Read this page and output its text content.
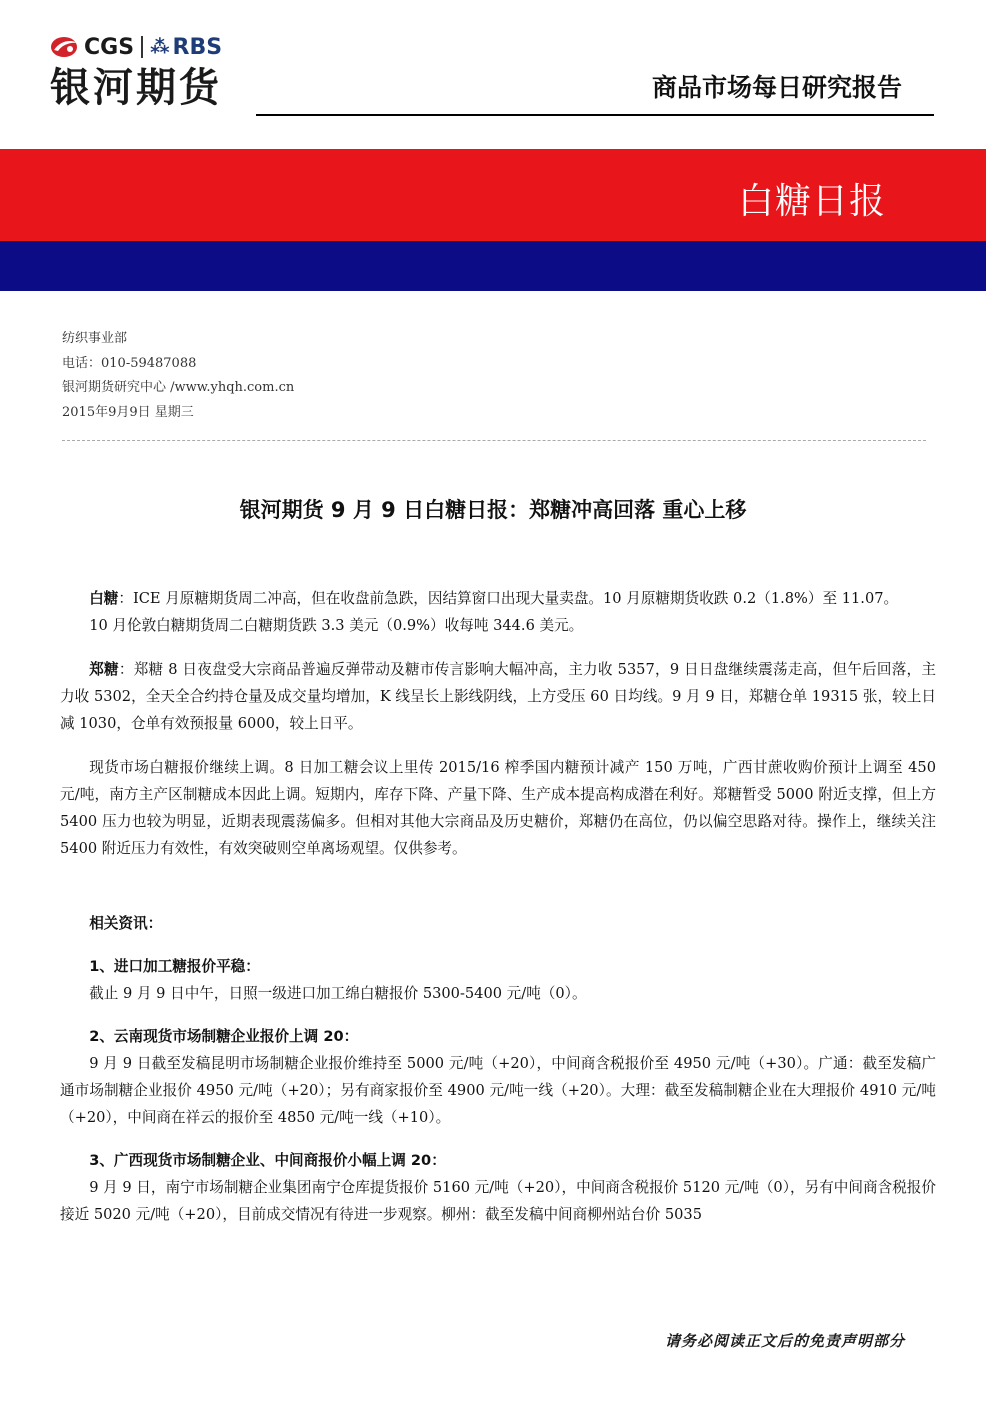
CGS ⁂ RBS
银河期货	商品市场每日研究报告
白糖日报
纺织事业部
电话：010-59487088
银河期货研究中心 /www.yhqh.com.cn
2015年9月9日 星期三
银河期货 9 月 9 日白糖日报：郑糖冲高回落 重心上移

白糖：ICE 月原糖期货周二冲高，但在收盘前急跌，因结算窗口出现大量卖盘。10 月原糖期货收跌 0.2（1.8%）至 11.07。

10 月伦敦白糖期货周二白糖期货跌 3.3 美元（0.9%）收每吨 344.6 美元。

郑糖：郑糖 8 日夜盘受大宗商品普遍反弹带动及糖市传言影响大幅冲高，主力收 5357，9 日日盘继续震荡走高，但午后回落，主力收 5302，全天全合约持仓量及成交量均增加，K 线呈长上影线阴线，上方受压 60 日均线。9 月 9 日，郑糖仓单 19315 张，较上日减 1030，仓单有效预报量 6000，较上日平。

现货市场白糖报价继续上调。8 日加工糖会议上里传 2015/16 榨季国内糖预计减产 150 万吨，广西甘蔗收购价预计上调至 450 元/吨，南方主产区制糖成本因此上调。短期内，库存下降、产量下降、生产成本提高构成潜在利好。郑糖暂受 5000 附近支撑，但上方 5400 压力也较为明显，近期表现震荡偏多。但相对其他大宗商品及历史糖价，郑糖仍在高位，仍以偏空思路对待。操作上，继续关注 5400 附近压力有效性，有效突破则空单离场观望。仅供参考。

相关资讯：
1、进口加工糖报价平稳：

截止 9 月 9 日中午，日照一级进口加工绵白糖报价 5300-5400 元/吨（0）。

2、云南现货市场制糖企业报价上调 20：

9 月 9 日截至发稿昆明市场制糖企业报价维持至 5000 元/吨（+20），中间商含税报价至 4950 元/吨（+30）。广通：截至发稿广通市场制糖企业报价 4950 元/吨（+20）；另有商家报价至 4900 元/吨一线（+20）。大理：截至发稿制糖企业在大理报价 4910 元/吨（+20），中间商在祥云的报价至 4850 元/吨一线（+10）。

3、广西现货市场制糖企业、中间商报价小幅上调 20：

9 月 9 日，南宁市场制糖企业集团南宁仓库提货报价 5160 元/吨（+20），中间商含税报价 5120 元/吨（0），另有中间商含税报价接近 5020 元/吨（+20），目前成交情况有待进一步观察。柳州：截至发稿中间商柳州站台价 5035

请务必阅读正文后的免责声明部分
